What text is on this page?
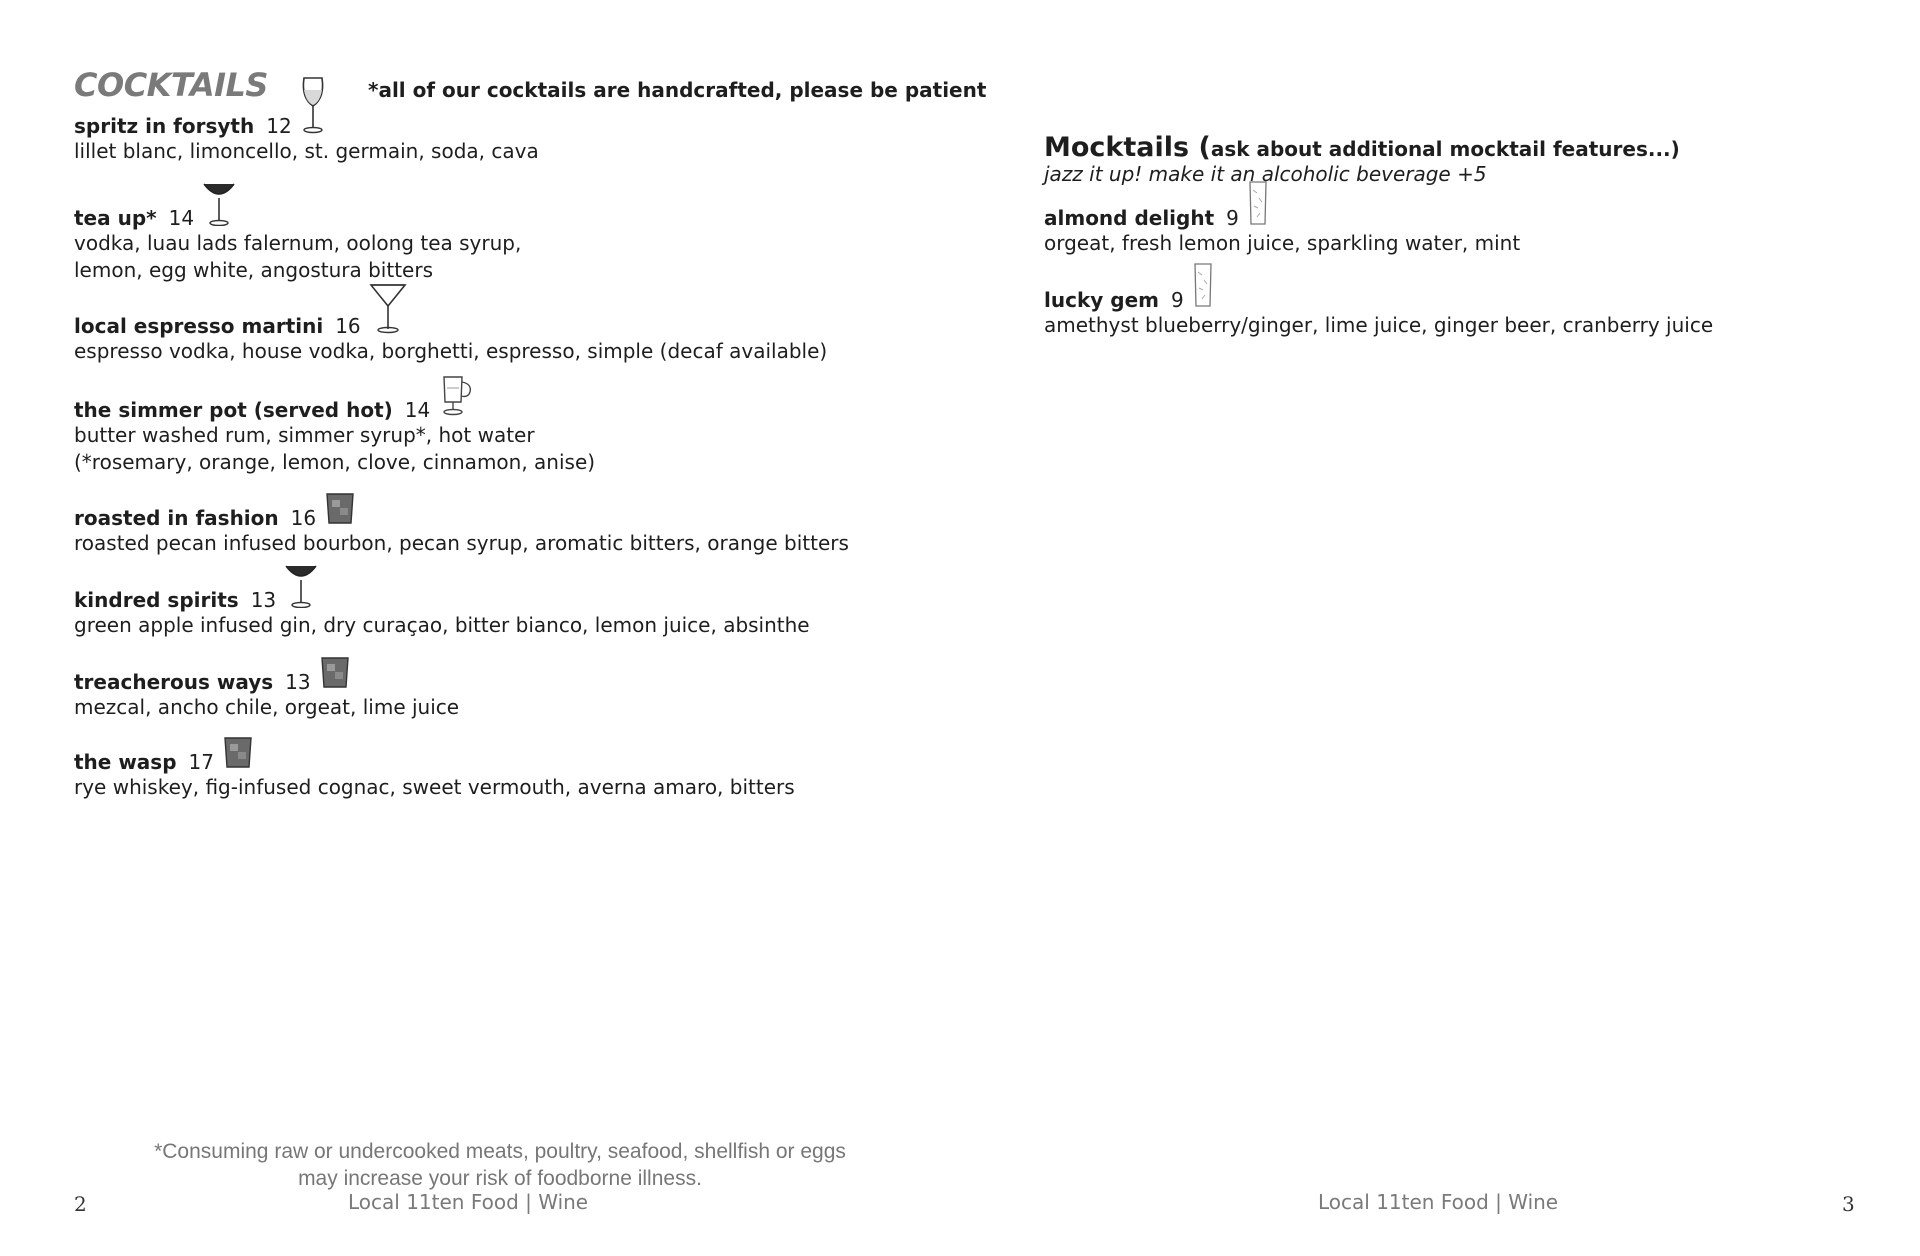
COCKTAILS	*all of our cocktails are handcrafted, please be patient
spritz in forsyth 12
lillet blanc, limoncello, st. germain, soda, cava
tea up* 14
vodka, luau lads falernum, oolong tea syrup,
lemon, egg white, angostura bitters
local espresso martini 16
espresso vodka, house vodka, borghetti, espresso, simple (decaf available)
the simmer pot (served hot) 14
butter washed rum, simmer syrup*, hot water
(*rosemary, orange, lemon, clove, cinnamon, anise)
roasted in fashion 16
roasted pecan infused bourbon, pecan syrup, aromatic bitters, orange bitters
kindred spirits 13
green apple infused gin, dry curaçao, bitter bianco, lemon juice, absinthe
treacherous ways 13
mezcal, ancho chile, orgeat, lime juice
the wasp 17
rye whiskey, fig-infused cognac, sweet vermouth, averna amaro, bitters
*Consuming raw or undercooked meats, poultry, seafood, shellfish or eggs
may increase your risk of foodborne illness.
2	Local 11ten Food | Wine
Mocktails (ask about additional mocktail features...)
jazz it up! make it an alcoholic beverage +5
almond delight 9
orgeat, fresh lemon juice, sparkling water, mint
lucky gem 9
amethyst blueberry/ginger, lime juice, ginger beer, cranberry juice
Local 11ten Food | Wine	3
